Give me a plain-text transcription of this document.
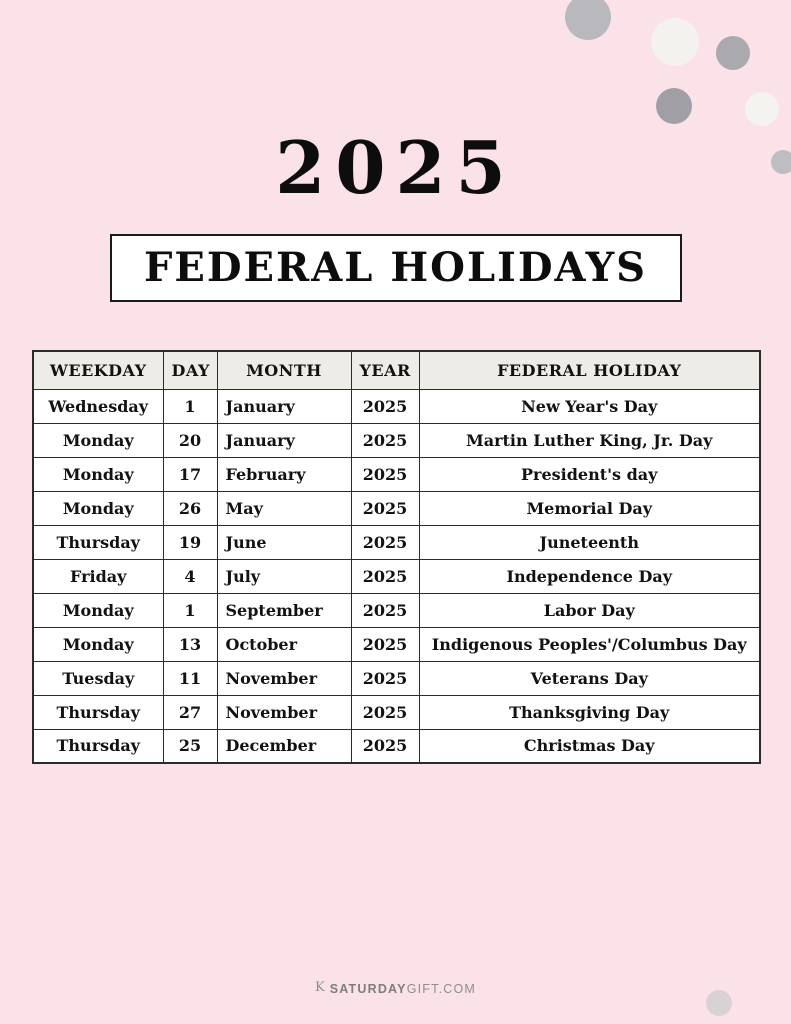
2025
FEDERAL HOLIDAYS
WEEKDAY	DAY	MONTH	YEAR	FEDERAL HOLIDAY
Wednesday	1	January	2025	New Year's Day
Monday	20	January	2025	Martin Luther King, Jr. Day
Monday	17	February	2025	President's day
Monday	26	May	2025	Memorial Day
Thursday	19	June	2025	Juneteenth
Friday	4	July	2025	Independence Day
Monday	1	September	2025	Labor Day
Monday	13	October	2025	Indigenous Peoples'/Columbus Day
Tuesday	11	November	2025	Veterans Day
Thursday	27	November	2025	Thanksgiving Day
Thursday	25	December	2025	Christmas Day
K SATURDAYGIFT.COM
